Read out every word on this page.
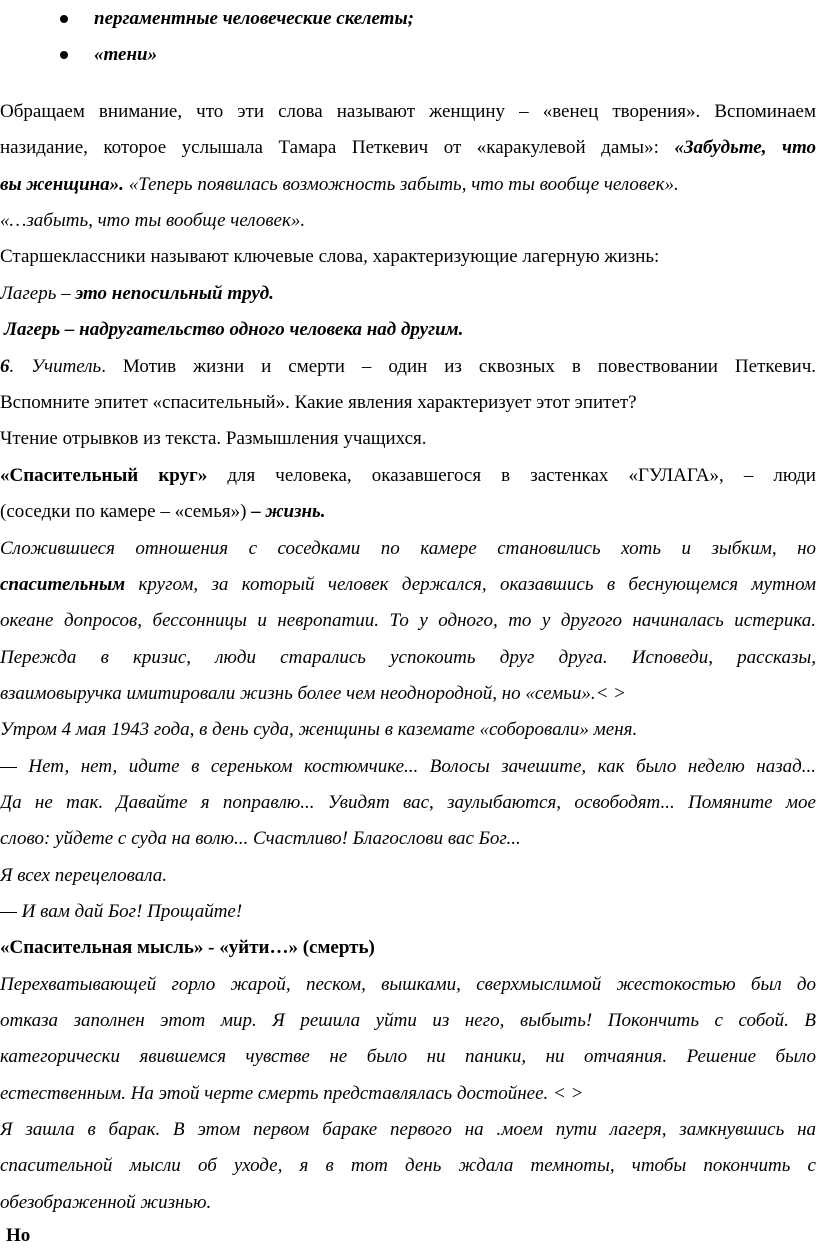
пергаментные человеческие скелеты;
«тени»
Обращаем внимание, что эти слова называют женщину – «венец творения». Вспоминаем
назидание, которое услышала Тамара Петкевич от «каракулевой дамы»: «Забудьте, что
вы женщина». «Теперь появилась возможность забыть, что ты вообще человек».
«…забыть, что ты вообще человек».
Старшеклассники называют ключевые слова, характеризующие лагерную жизнь:
Лагерь – это непосильный труд.
Лагерь – надругательство одного человека над другим.
6. Учитель. Мотив жизни и смерти – один из сквозных в повествовании Петкевич.
Вспомните эпитет «спасительный». Какие явления характеризует этот эпитет?
Чтение отрывков из текста. Размышления учащихся.
«Спасительный круг» для человека, оказавшегося в застенках «ГУЛАГА», – люди
(соседки по камере – «семья») – жизнь.
Сложившиеся отношения с соседками по камере становились хоть и зыбким, но
спасительным кругом, за который человек держался, оказавшись в беснующемся мутном
океане допросов, бессонницы и невропатии. То у одного, то у другого начиналась истерика.
Пережда в кризис, люди старались успокоить друг друга. Исповеди, рассказы,
взаимовыручка имитировали жизнь более чем неоднородной, но «семьи».< >
Утром 4 мая 1943 года, в день суда, женщины в каземате «соборовали» меня.
— Нет, нет, идите в сереньком костюмчике... Волосы зачешите, как было неделю назад...
Да не так. Давайте я поправлю... Увидят вас, заулыбаются, освободят... Помяните мое
слово: уйдете с суда на волю... Счастливо! Благослови вас Бог...
Я всех перецеловала.
— И вам дай Бог! Прощайте!
«Спасительная мысль» - «уйти…» (смерть)
Перехватывающей горло жарой, песком, вышками, сверхмыслимой жестокостью был до
отказа заполнен этот мир. Я решила уйти из него, выбыть! Покончить с собой. В
категорически явившемся чувстве не было ни паники, ни отчаяния. Решение было
естественным. На этой черте смерть представлялась достойнее. < >
Я зашла в барак. В этом первом бараке первого на .моем пути лагеря, замкнувшись на
спасительной мысли об уходе, я в тот день ждала темноты, чтобы покончить с
обезображенной жизнью.
Но
